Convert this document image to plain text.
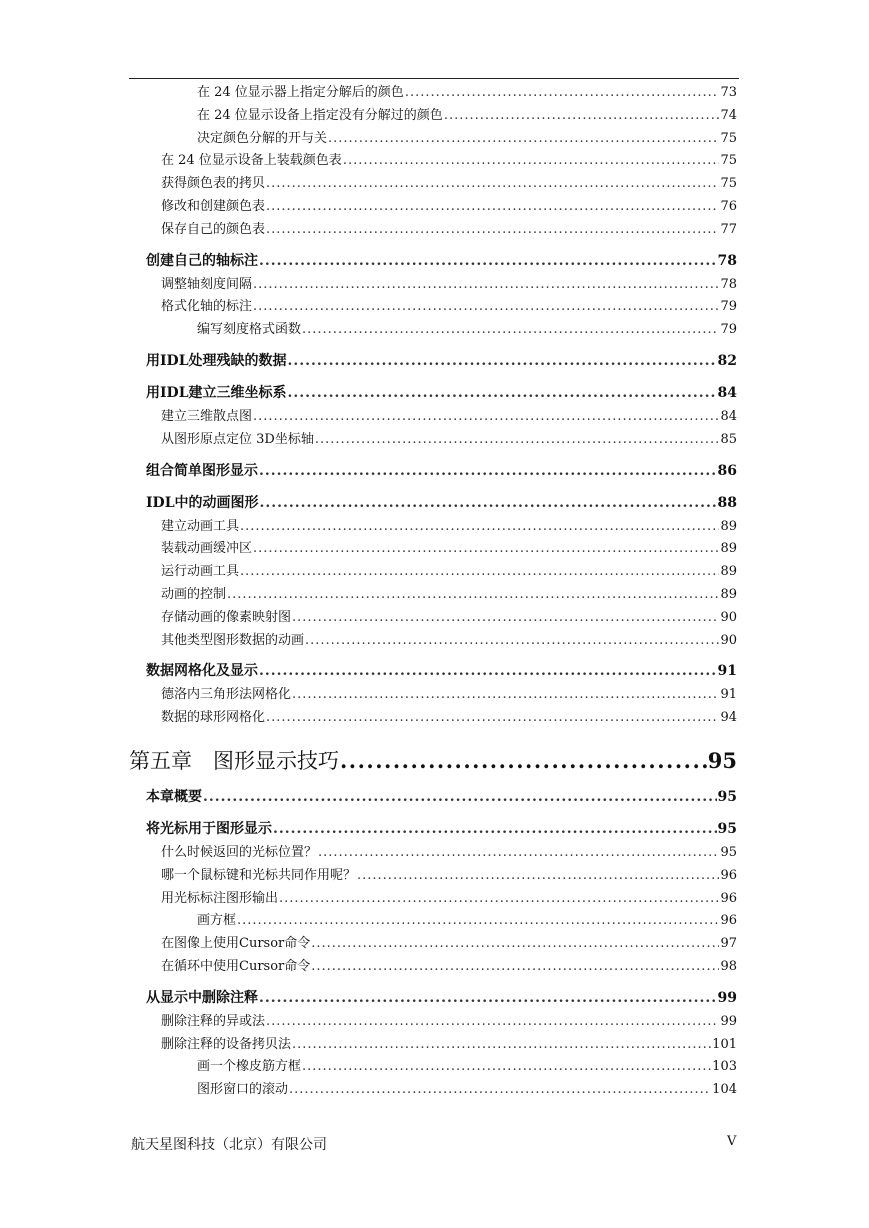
在 24 位显示器上指定分解后的颜色 .....	73
在 24 位显示设备上指定没有分解过的颜色 .....	74
决定颜色分解的开与关 .....	75
在 24 位显示设备上装载颜色表 .....	75
获得颜色表的拷贝 .....	75
修改和创建颜色表 .....	76
保存自己的颜色表 .....	77
创建自己的轴标注 .....	78
调整轴刻度间隔 .....	78
格式化轴的标注 .....	79
编写刻度格式函数 .....	79
用IDL处理残缺的数据 .....	82
用IDL建立三维坐标系 .....	84
建立三维散点图 .....	84
从图形原点定位 3D坐标轴 .....	85
组合简单图形显示 .....	86
IDL中的动画图形 .....	88
建立动画工具 .....	89
装载动画缓冲区 .....	89
运行动画工具 .....	89
动画的控制 .....	89
存储动画的像素映射图 .....	90
其他类型图形数据的动画 .....	90
数据网格化及显示 .....	91
德洛内三角形法网格化 .....	91
数据的球形网格化 .....	94
第五章 图形显示技巧 .....	95
本章概要 .....	95
将光标用于图形显示 .....	95
什么时候返回的光标位置？ .....	95
哪一个鼠标键和光标共同作用呢？ .....	96
用光标标注图形输出 .....	96
画方框 .....	96
在图像上使用Cursor命令 .....	97
在循环中使用Cursor命令 .....	98
从显示中删除注释 .....	99
删除注释的异或法 .....	99
删除注释的设备拷贝法 .....	101
画一个橡皮筋方框 .....	103
图形窗口的滚动 .....	104
航天星图科技（北京）有限公司	V
